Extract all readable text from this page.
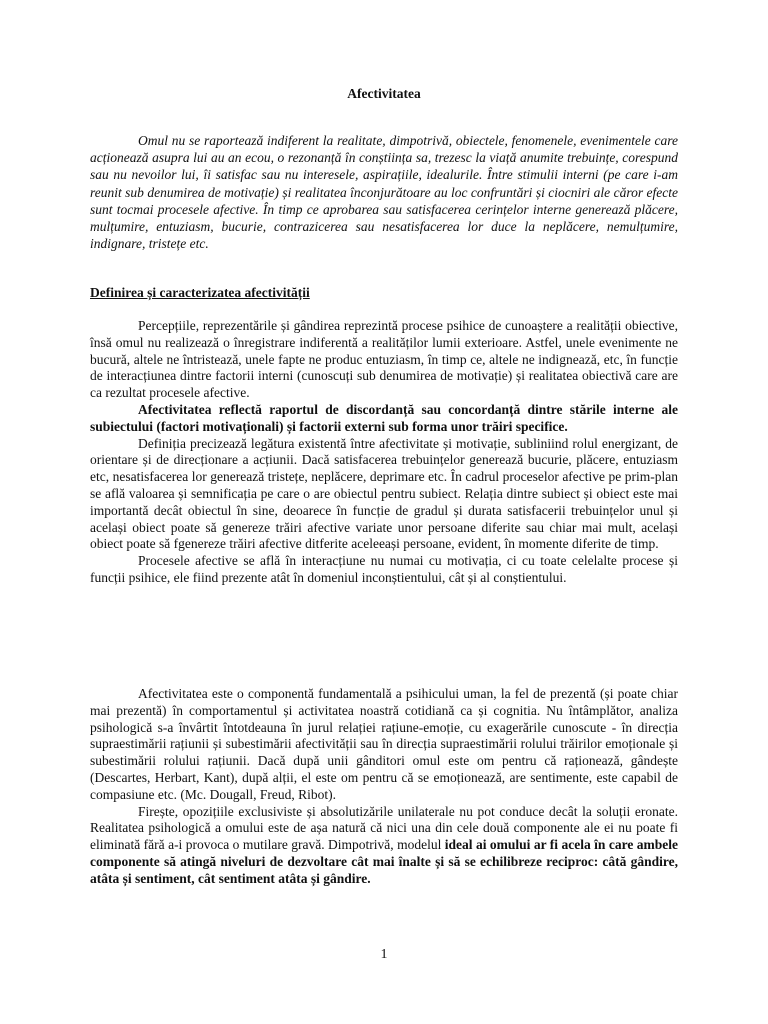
Afectivitatea

Omul nu se raportează indiferent la realitate, dimpotrivă, obiectele, fenomenele, evenimentele care acționează asupra lui au an ecou, o rezonanță în conștiința sa, trezesc la viață anumite trebuințe, corespund sau nu nevoilor lui, îi satisfac sau nu interesele, aspirațiile, idealurile. Între stimulii interni (pe care i-am reunit sub denumirea de motivație) și realitatea înconjurătoare au loc confruntări și ciocniri ale căror efecte sunt tocmai procesele afective. În timp ce aprobarea sau satisfacerea cerințelor interne generează plăcere, mulțumire, entuziasm, bucurie, contrazicerea sau nesatisfacerea lor duce la neplăcere, nemulțumire, indignare, tristețe etc.

Definirea și caracterizatea afectivității

Percepțiile, reprezentările și gândirea reprezintă procese psihice de cunoaștere a realității obiective, însă omul nu realizează o înregistrare indiferentă a realităților lumii exterioare. Astfel, unele evenimente ne bucură, altele ne întristează, unele fapte ne produc entuziasm, în timp ce, altele ne indignează, etc, în funcție de interacțiunea dintre factorii interni (cunoscuți sub denumirea de motivație) și realitatea obiectivă care are ca rezultat procesele afective.

Afectivitatea reflectă raportul de discordanță sau concordanță dintre stările interne ale subiectului (factori motivaționali) și factorii externi sub forma unor trăiri specifice.

Definiția precizează legătura existentă între afectivitate și motivație, subliniind rolul energizant, de orientare și de direcționare a acțiunii. Dacă satisfacerea trebuințelor generează bucurie, plăcere, entuziasm etc, nesatisfacerea lor generează tristețe, neplăcere, deprimare etc. În cadrul proceselor afective pe prim-plan se află valoarea și semnificația pe care o are obiectul pentru subiect. Relația dintre subiect și obiect este mai importantă decât obiectul în sine, deoarece în funcție de gradul și durata satisfacerii trebuințelor unul și același obiect poate să genereze trăiri afective variate unor persoane diferite sau chiar mai mult, același obiect poate să fgenereze trăiri afective ditferite aceleeași persoane, evident, în momente diferite de timp.

Procesele afective se află în interacțiune nu numai cu motivația, ci cu toate celelalte procese și funcții psihice, ele fiind prezente atât în domeniul inconștientului, cât și al conștientului.

Afectivitatea este o componentă fundamentală a psihicului uman, la fel de prezentă (și poate chiar mai prezentă) în comportamentul și activitatea noastră cotidiană ca și cognitia. Nu întâmplător, analiza psihologică s-a învârtit întotdeauna în jurul relației rațiune-emoție, cu exagerările cunoscute - în direcția supraestimării rațiunii și subestimării afectivității sau în direcția supraestimării rolului trăirilor emoționale și subestimării rolului rațiunii. Dacă după unii gânditori omul este om pentru că raționează, gândește (Descartes, Herbart, Kant), după alții, el este om pentru că se emoționează, are sentimente, este capabil de compasiune etc. (Mc. Dougall, Freud, Ribot).

Firește, opozițiile exclusiviste și absolutizările unilaterale nu pot conduce decât la soluții eronate. Realitatea psihologică a omului este de așa natură că nici una din cele două componente ale ei nu poate fi eliminată fără a-i provoca o mutilare gravă. Dimpotrivă, modelul ideal ai omului ar fi acela în care ambele componente să atingă niveluri de dezvoltare cât mai înalte și să se echilibreze reciproc: câtă gândire, atâta și sentiment, cât sentiment atâta și gândire.

1
